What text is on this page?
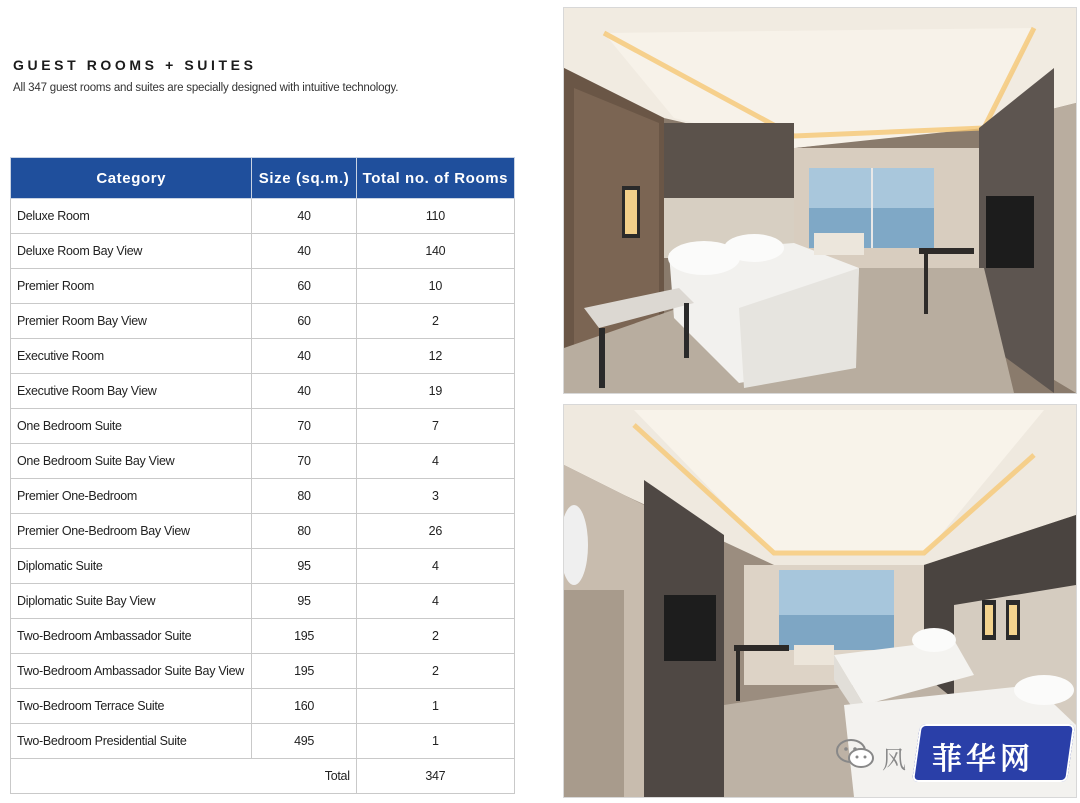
GUEST ROOMS + SUITES
All 347 guest rooms and suites are specially designed with intuitive technology.
Category	Size (sq.m.)	Total no. of Rooms
Deluxe Room	40	110
Deluxe Room Bay View	40	140
Premier Room	60	10
Premier Room Bay View	60	2
Executive Room	40	12
Executive Room Bay View	40	19
One Bedroom Suite	70	7
One Bedroom Suite Bay View	70	4
Premier One-Bedroom	80	3
Premier One-Bedroom Bay View	80	26
Diplomatic Suite	95	4
Diplomatic Suite Bay View	95	4
Two-Bedroom Ambassador Suite	195	2
Two-Bedroom Ambassador Suite Bay View	195	2
Two-Bedroom Terrace Suite	160	1
Two-Bedroom Presidential Suite	495	1
Total		347
风 菲华网
